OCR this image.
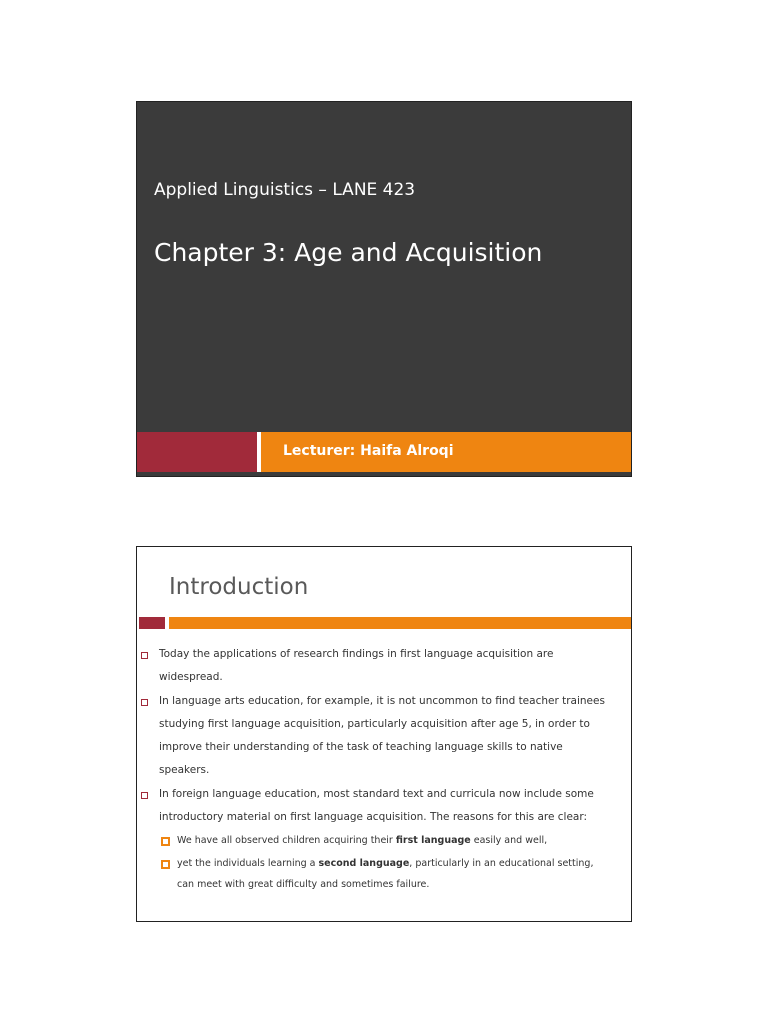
Applied Linguistics – LANE 423
Chapter 3: Age and Acquisition
Lecturer: Haifa Alroqi
Introduction
Today the applications of research findings in first language acquisition are widespread.
In language arts education, for example, it is not uncommon to find teacher trainees studying first language acquisition, particularly acquisition after age 5, in order to improve their understanding of the task of teaching language skills to native speakers.
In foreign language education, most standard text and curricula now include some introductory material on first language acquisition. The reasons for this are clear:
We have all observed children acquiring their first language easily and well,
yet the individuals learning a second language, particularly in an educational setting, can meet with great difficulty and sometimes failure.
